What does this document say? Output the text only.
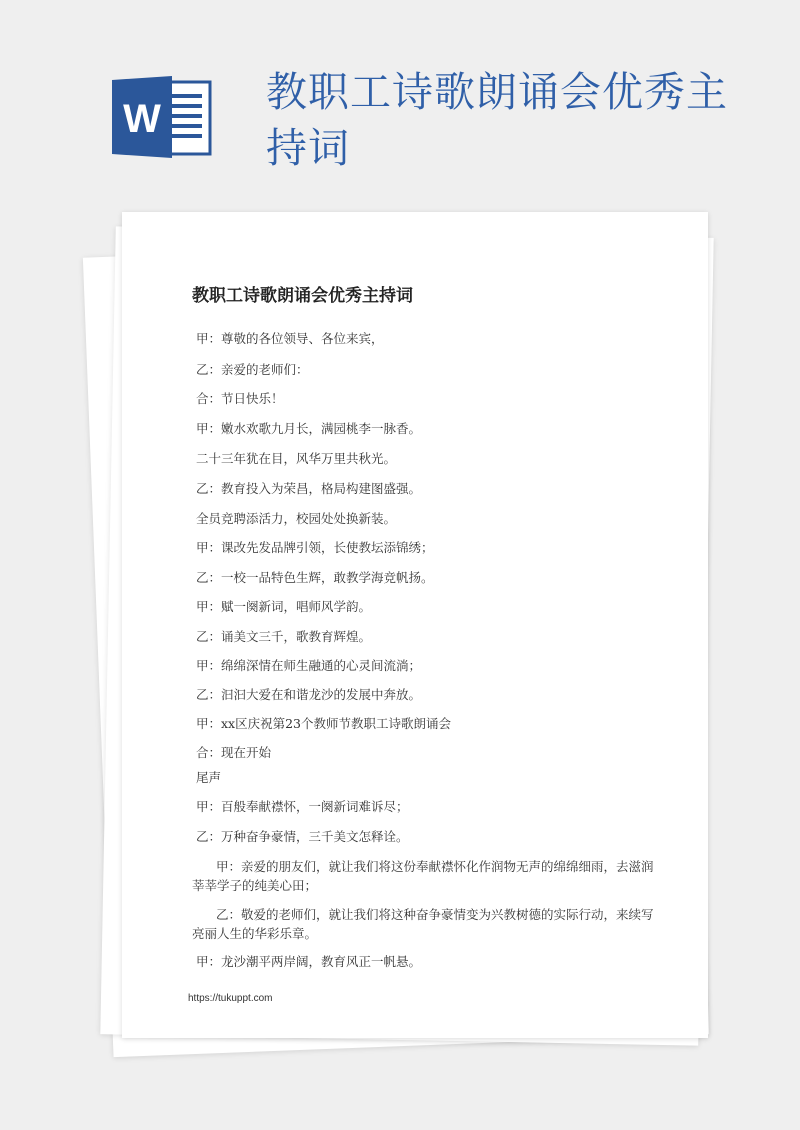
W
教职工诗歌朗诵会优秀主持词
教职工诗歌朗诵会优秀主持词

甲：尊敬的各位领导、各位来宾，

乙：亲爱的老师们：

合：节日快乐！

甲：嫩水欢歌九月长，满园桃李一脉香。

二十三年犹在目，风华万里共秋光。

乙：教育投入为荣昌，格局构建图盛强。

全员竞聘添活力，校园处处换新装。

甲：课改先发品牌引领，长使教坛添锦绣；

乙：一校一品特色生辉，敢教学海竞帆扬。

甲：赋一阕新词，唱师风学韵。

乙：诵美文三千，歌教育辉煌。

甲：绵绵深情在师生融通的心灵间流淌；

乙：汩汩大爱在和谐龙沙的发展中奔放。

甲：xx区庆祝第23个教师节教职工诗歌朗诵会

合：现在开始

尾声

甲：百般奉献襟怀，一阕新词难诉尽；

乙：万种奋争豪情，三千美文怎释诠。

甲：亲爱的朋友们，就让我们将这份奉献襟怀化作润物无声的绵绵细雨，去滋润莘莘学子的纯美心田；

乙：敬爱的老师们，就让我们将这种奋争豪情变为兴教树德的实际行动，来续写亮丽人生的华彩乐章。

甲：龙沙潮平两岸阔，教育风正一帆悬。

https://tukuppt.com
